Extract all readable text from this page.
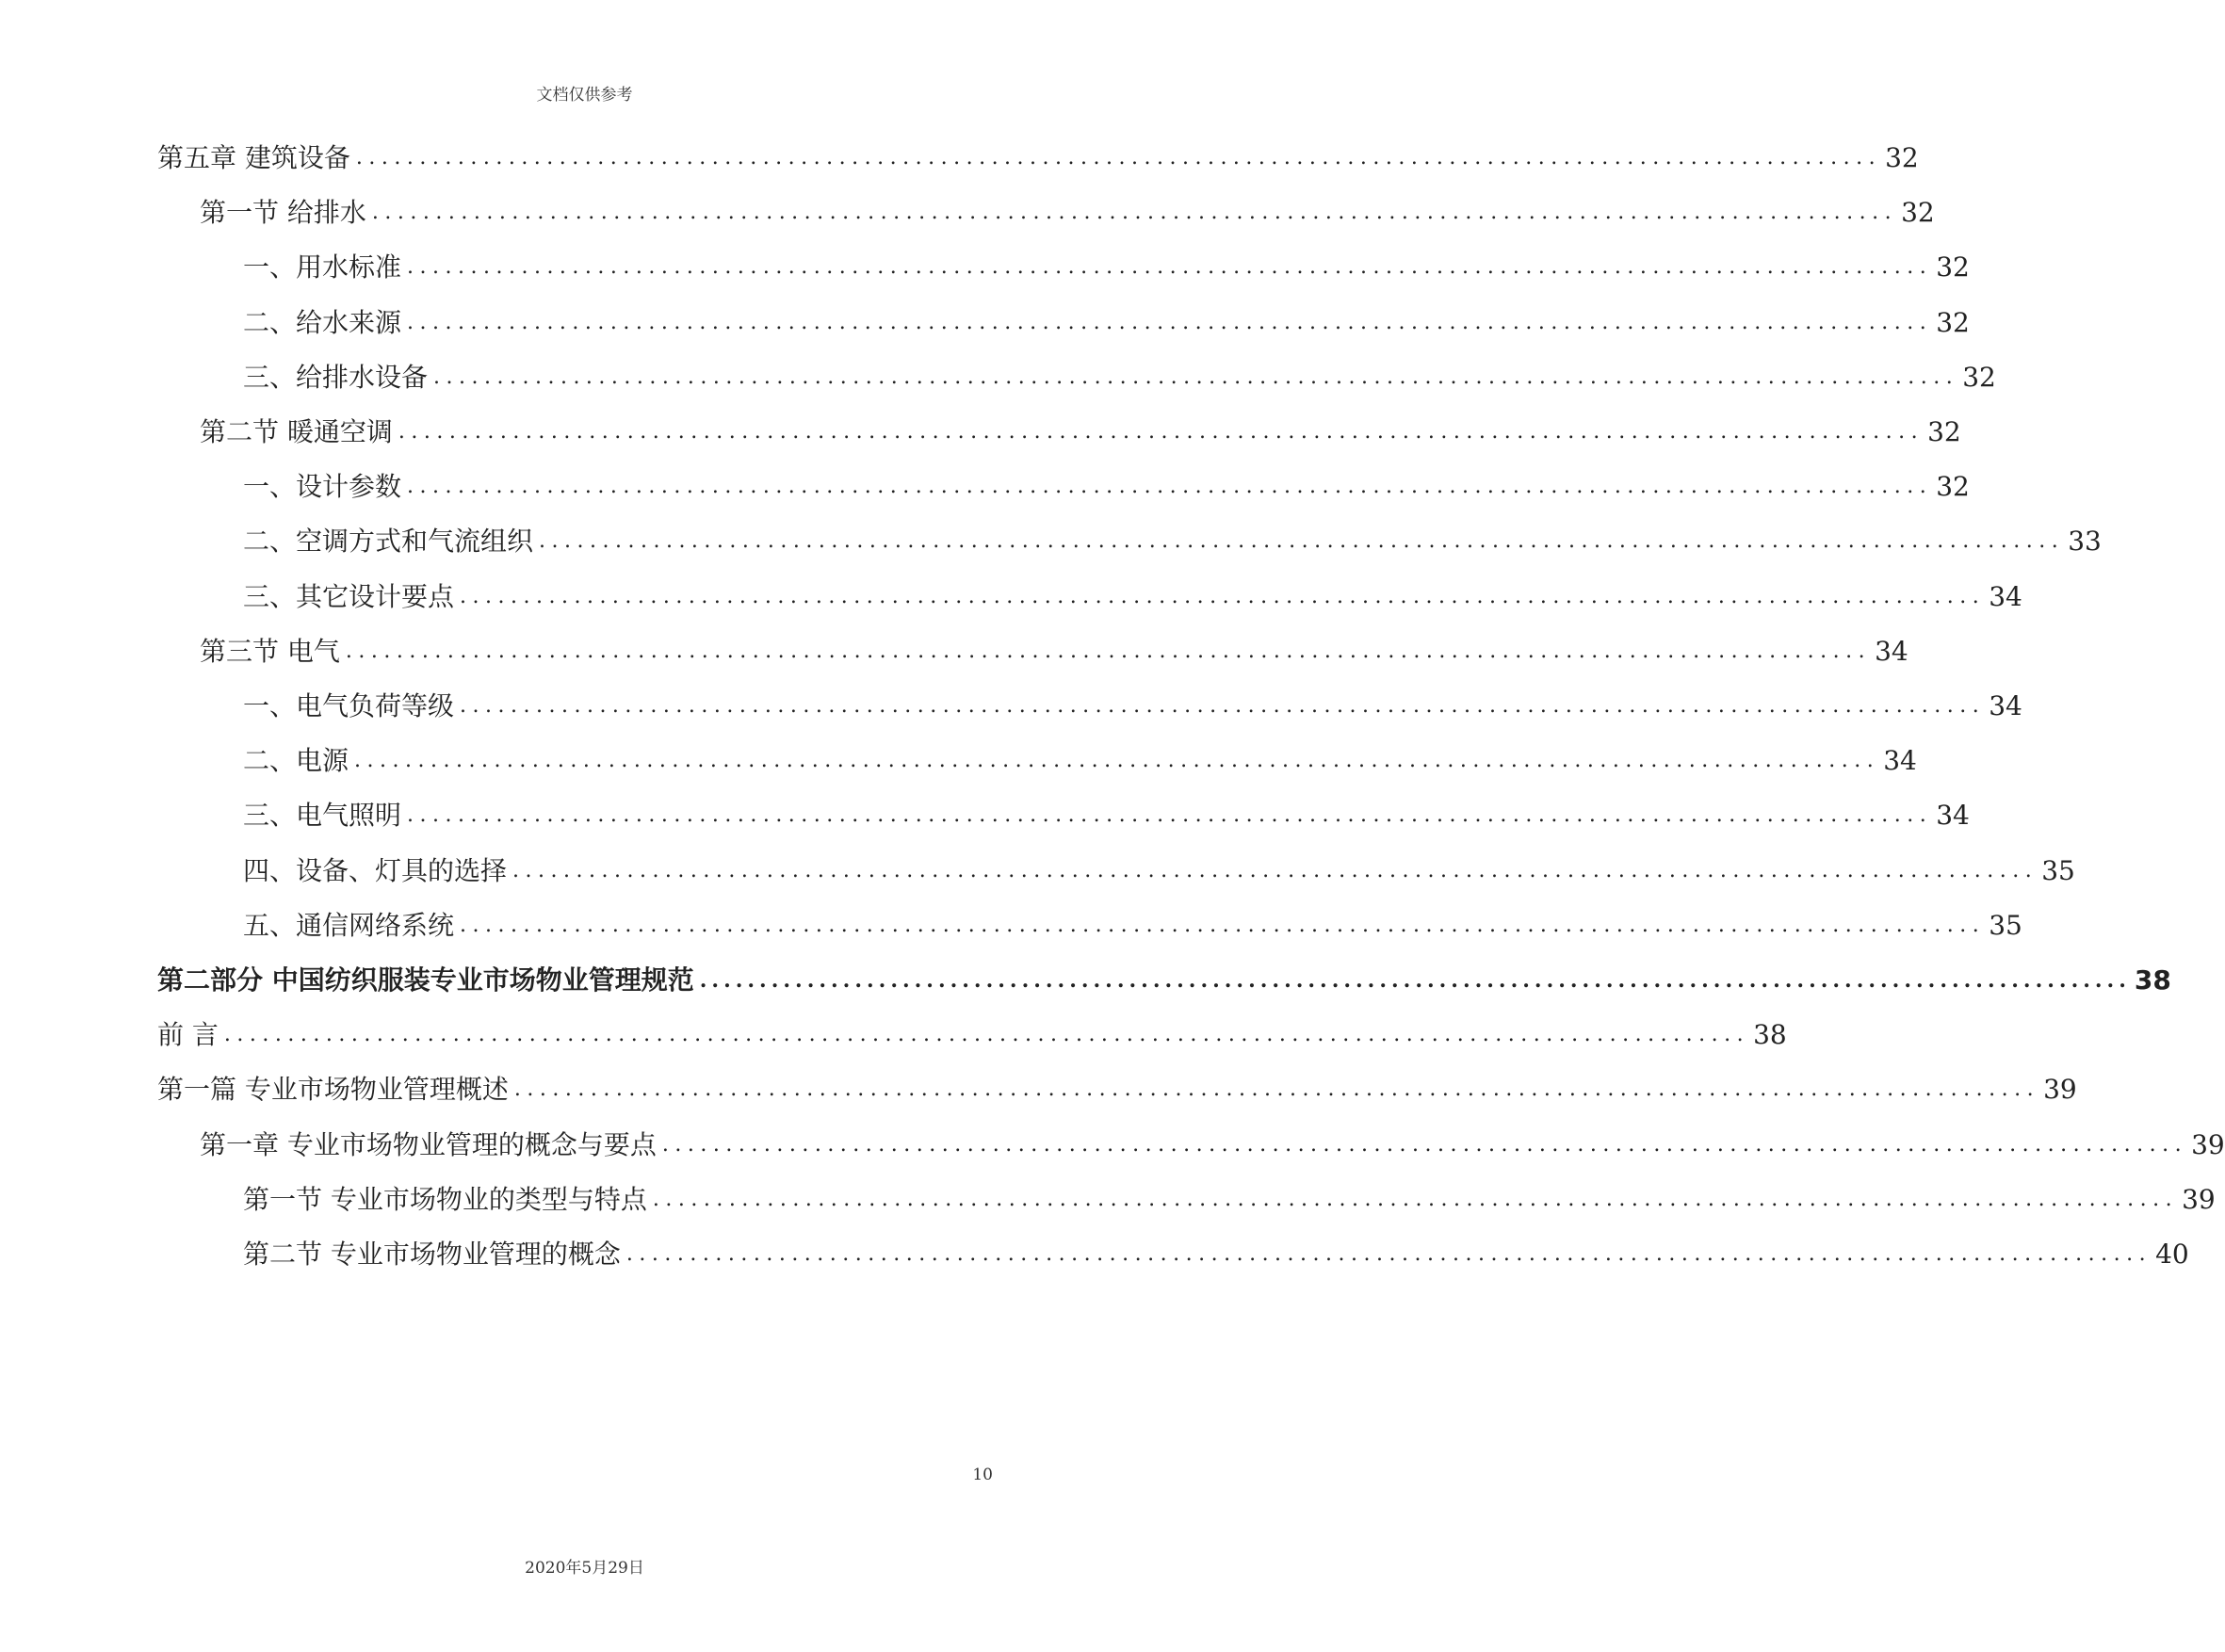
文档仅供参考
第五章 建筑设备 ........................................................................................................................ 32
第一节 给排水 ........................................................................................................................ 32
一、用水标准 ........................................................................................................................ 32
二、给水来源 ........................................................................................................................ 32
三、给排水设备 ........................................................................................................................ 32
第二节 暖通空调 ........................................................................................................................ 32
一、设计参数 ........................................................................................................................ 32
二、空调方式和气流组织 ........................................................................................................................ 33
三、其它设计要点 ........................................................................................................................ 34
第三节 电气 ........................................................................................................................ 34
一、电气负荷等级 ........................................................................................................................ 34
二、电源 ........................................................................................................................ 34
三、电气照明 ........................................................................................................................ 34
四、设备、灯具的选择 ........................................................................................................................ 35
五、通信网络系统 ........................................................................................................................ 35
第二部分 中国纺织服装专业市场物业管理规范 ........................................................................................................................ 38
前 言 ........................................................................................................................ 38
第一篇 专业市场物业管理概述 ........................................................................................................................ 39
第一章 专业市场物业管理的概念与要点 ........................................................................................................................ 39
第一节 专业市场物业的类型与特点 ........................................................................................................................ 39
第二节 专业市场物业管理的概念 ........................................................................................................................ 40
10
2020年5月29日
